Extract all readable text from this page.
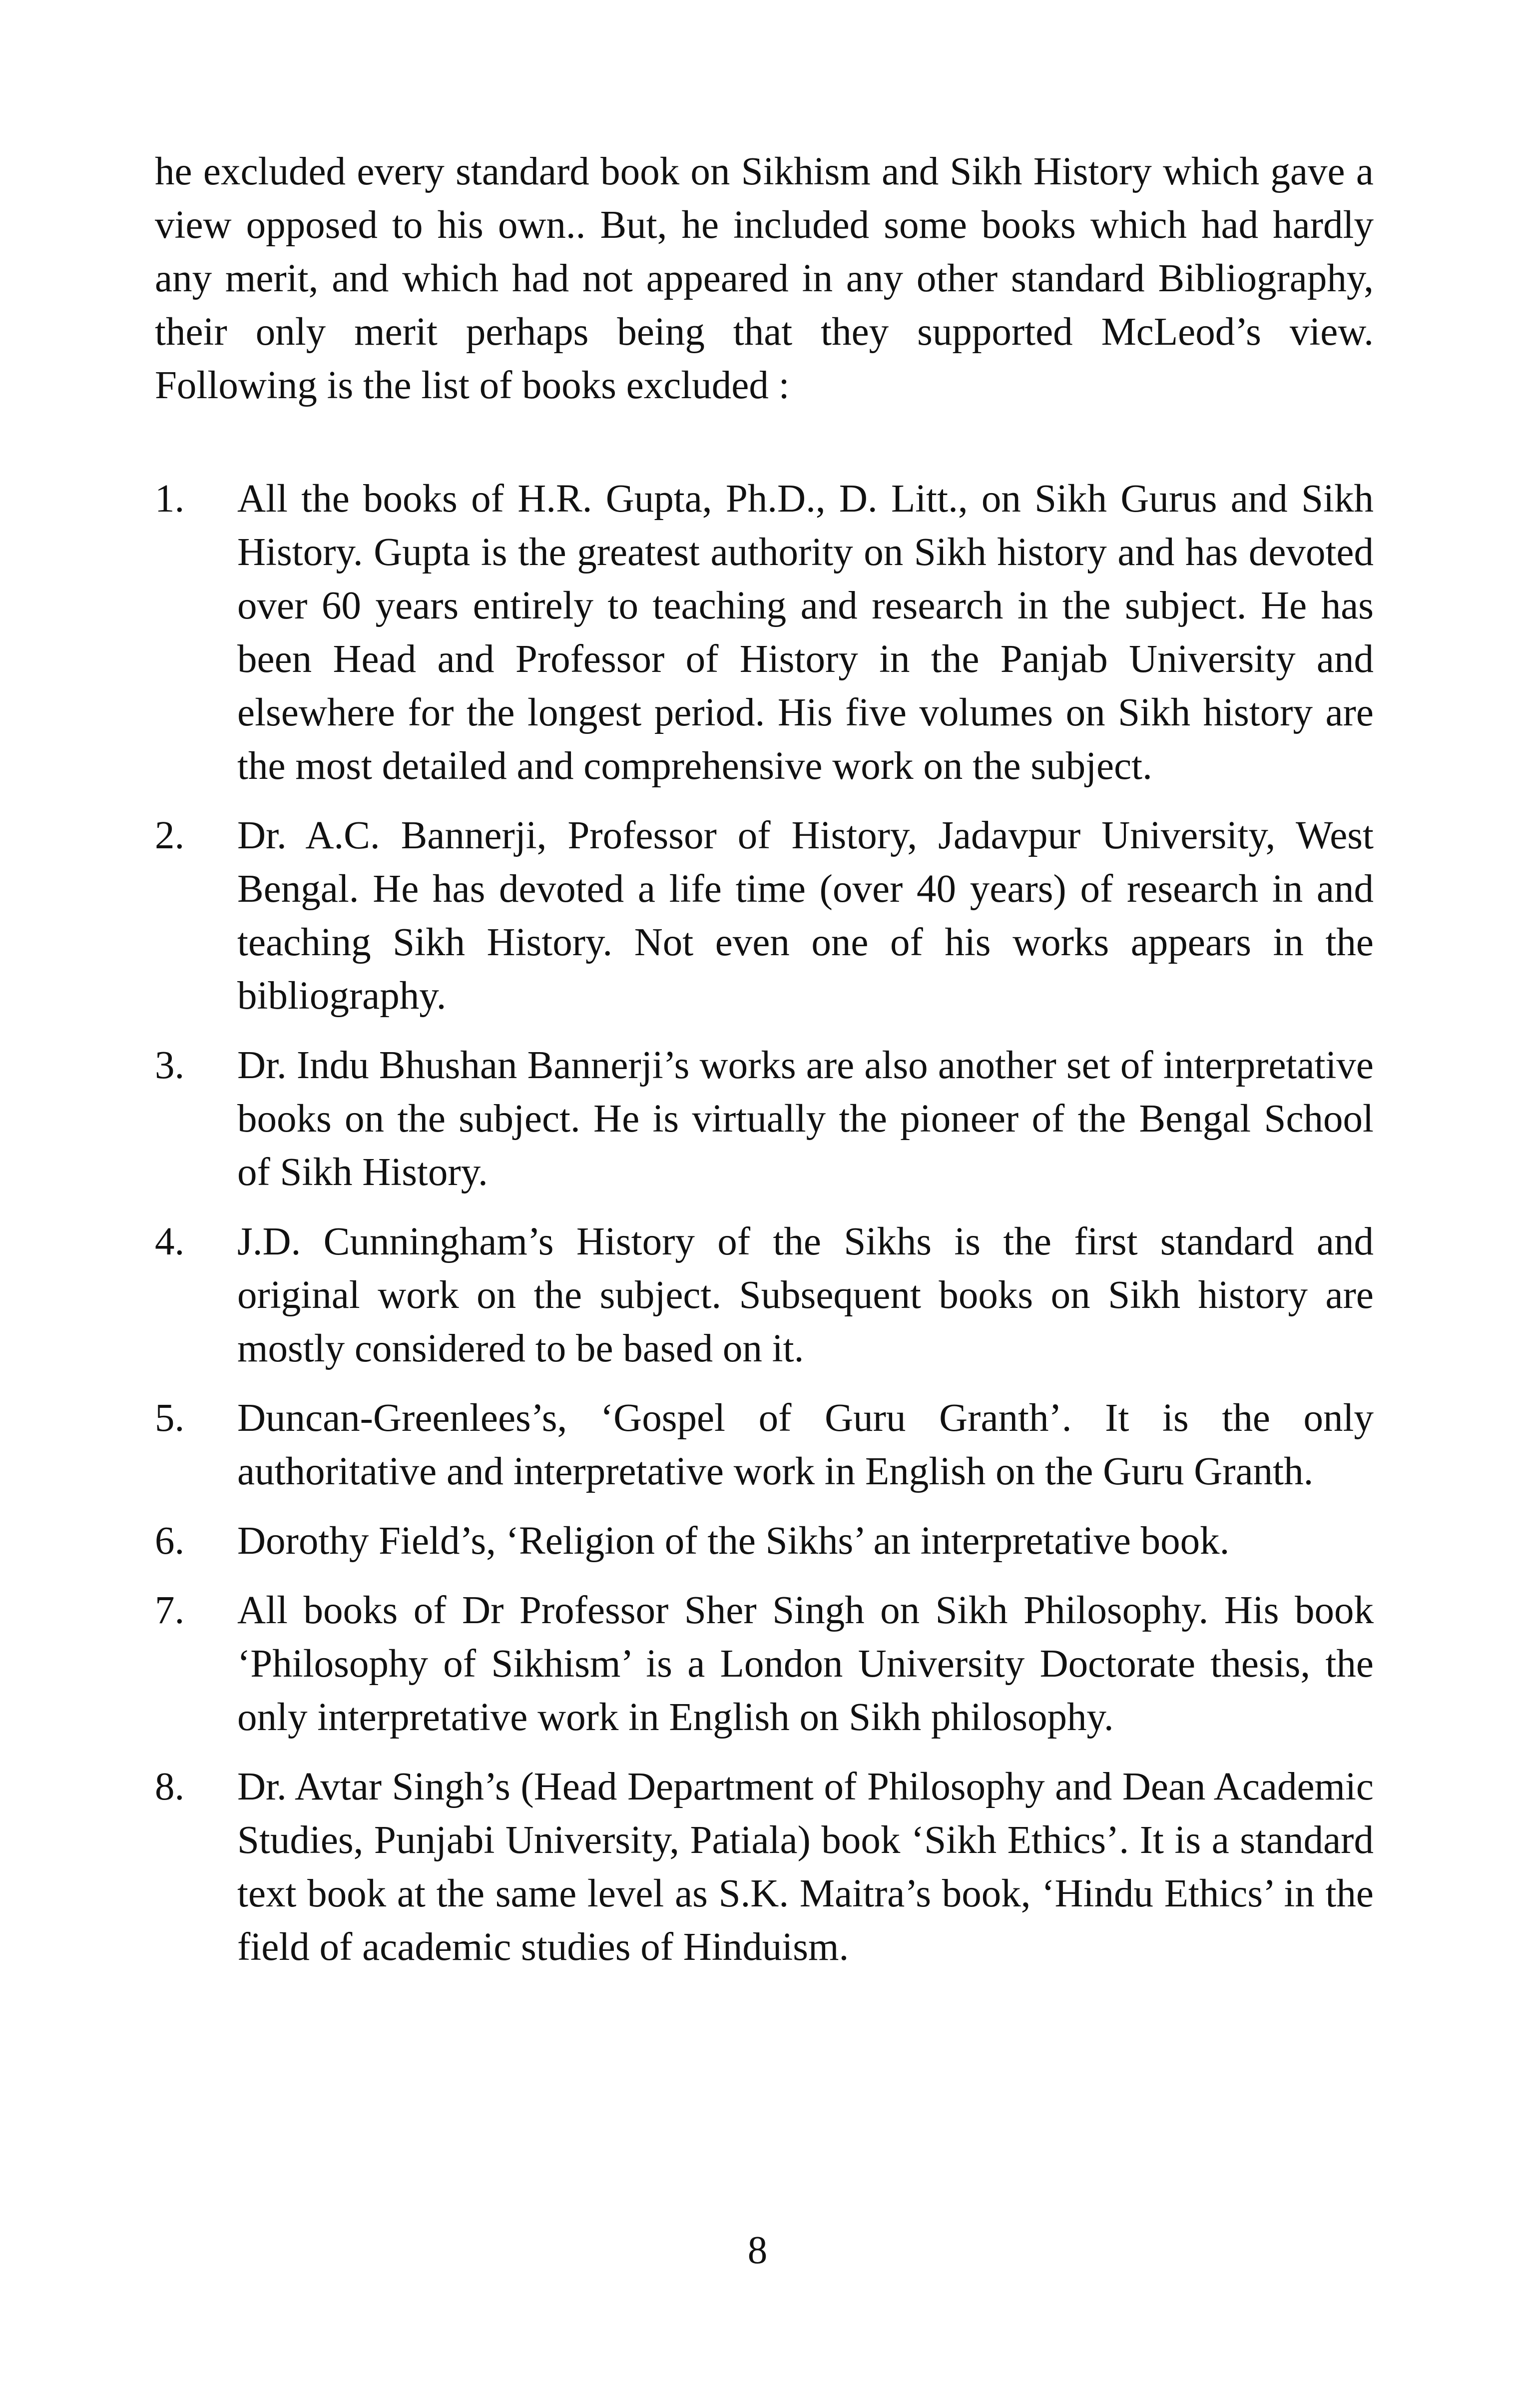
he excluded every standard book on Sikhism and Sikh History which gave a view opposed to his own.. But, he included some books which had hardly any merit, and which had not appeared in any other standard Bibliography, their only merit perhaps being that they supported McLeod’s view. Following is the list of books excluded :

1.	All the books of H.R. Gupta, Ph.D., D. Litt., on Sikh Gurus and Sikh History. Gupta is the greatest authority on Sikh history and has devoted over 60 years entirely to teaching and research in the subject. He has been Head and Professor of History in the Panjab University and elsewhere for the longest period. His five volumes on Sikh history are the most detailed and comprehensive work on the subject.
2.	Dr. A.C. Bannerji, Professor of History, Jadavpur University, West Bengal. He has devoted a life time (over 40 years) of research in and teaching Sikh History. Not even one of his works appears in the bibliography.
3.	Dr. Indu Bhushan Bannerji’s works are also another set of interpretative books on the subject. He is virtually the pioneer of the Bengal School of Sikh History.
4.	J.D. Cunningham’s History of the Sikhs is the first standard and original work on the subject. Subsequent books on Sikh history are mostly considered to be based on it.
5.	Duncan-Greenlees’s, ‘Gospel of Guru Granth’. It is the only authoritative and interpretative work in English on the Guru Granth.
6.	Dorothy Field’s, ‘Religion of the Sikhs’ an interpretative book.
7.	All books of Dr Professor Sher Singh on Sikh Philosophy. His book ‘Philosophy of Sikhism’ is a London University Doctorate thesis, the only interpretative work in English on Sikh philosophy.
8.	Dr. Avtar Singh’s (Head Department of Philosophy and Dean Academic Studies, Punjabi University, Patiala) book ‘Sikh Ethics’. It is a standard text book at the same level as S.K. Maitra’s book, ‘Hindu Ethics’ in the field of academic studies of Hinduism.
8
